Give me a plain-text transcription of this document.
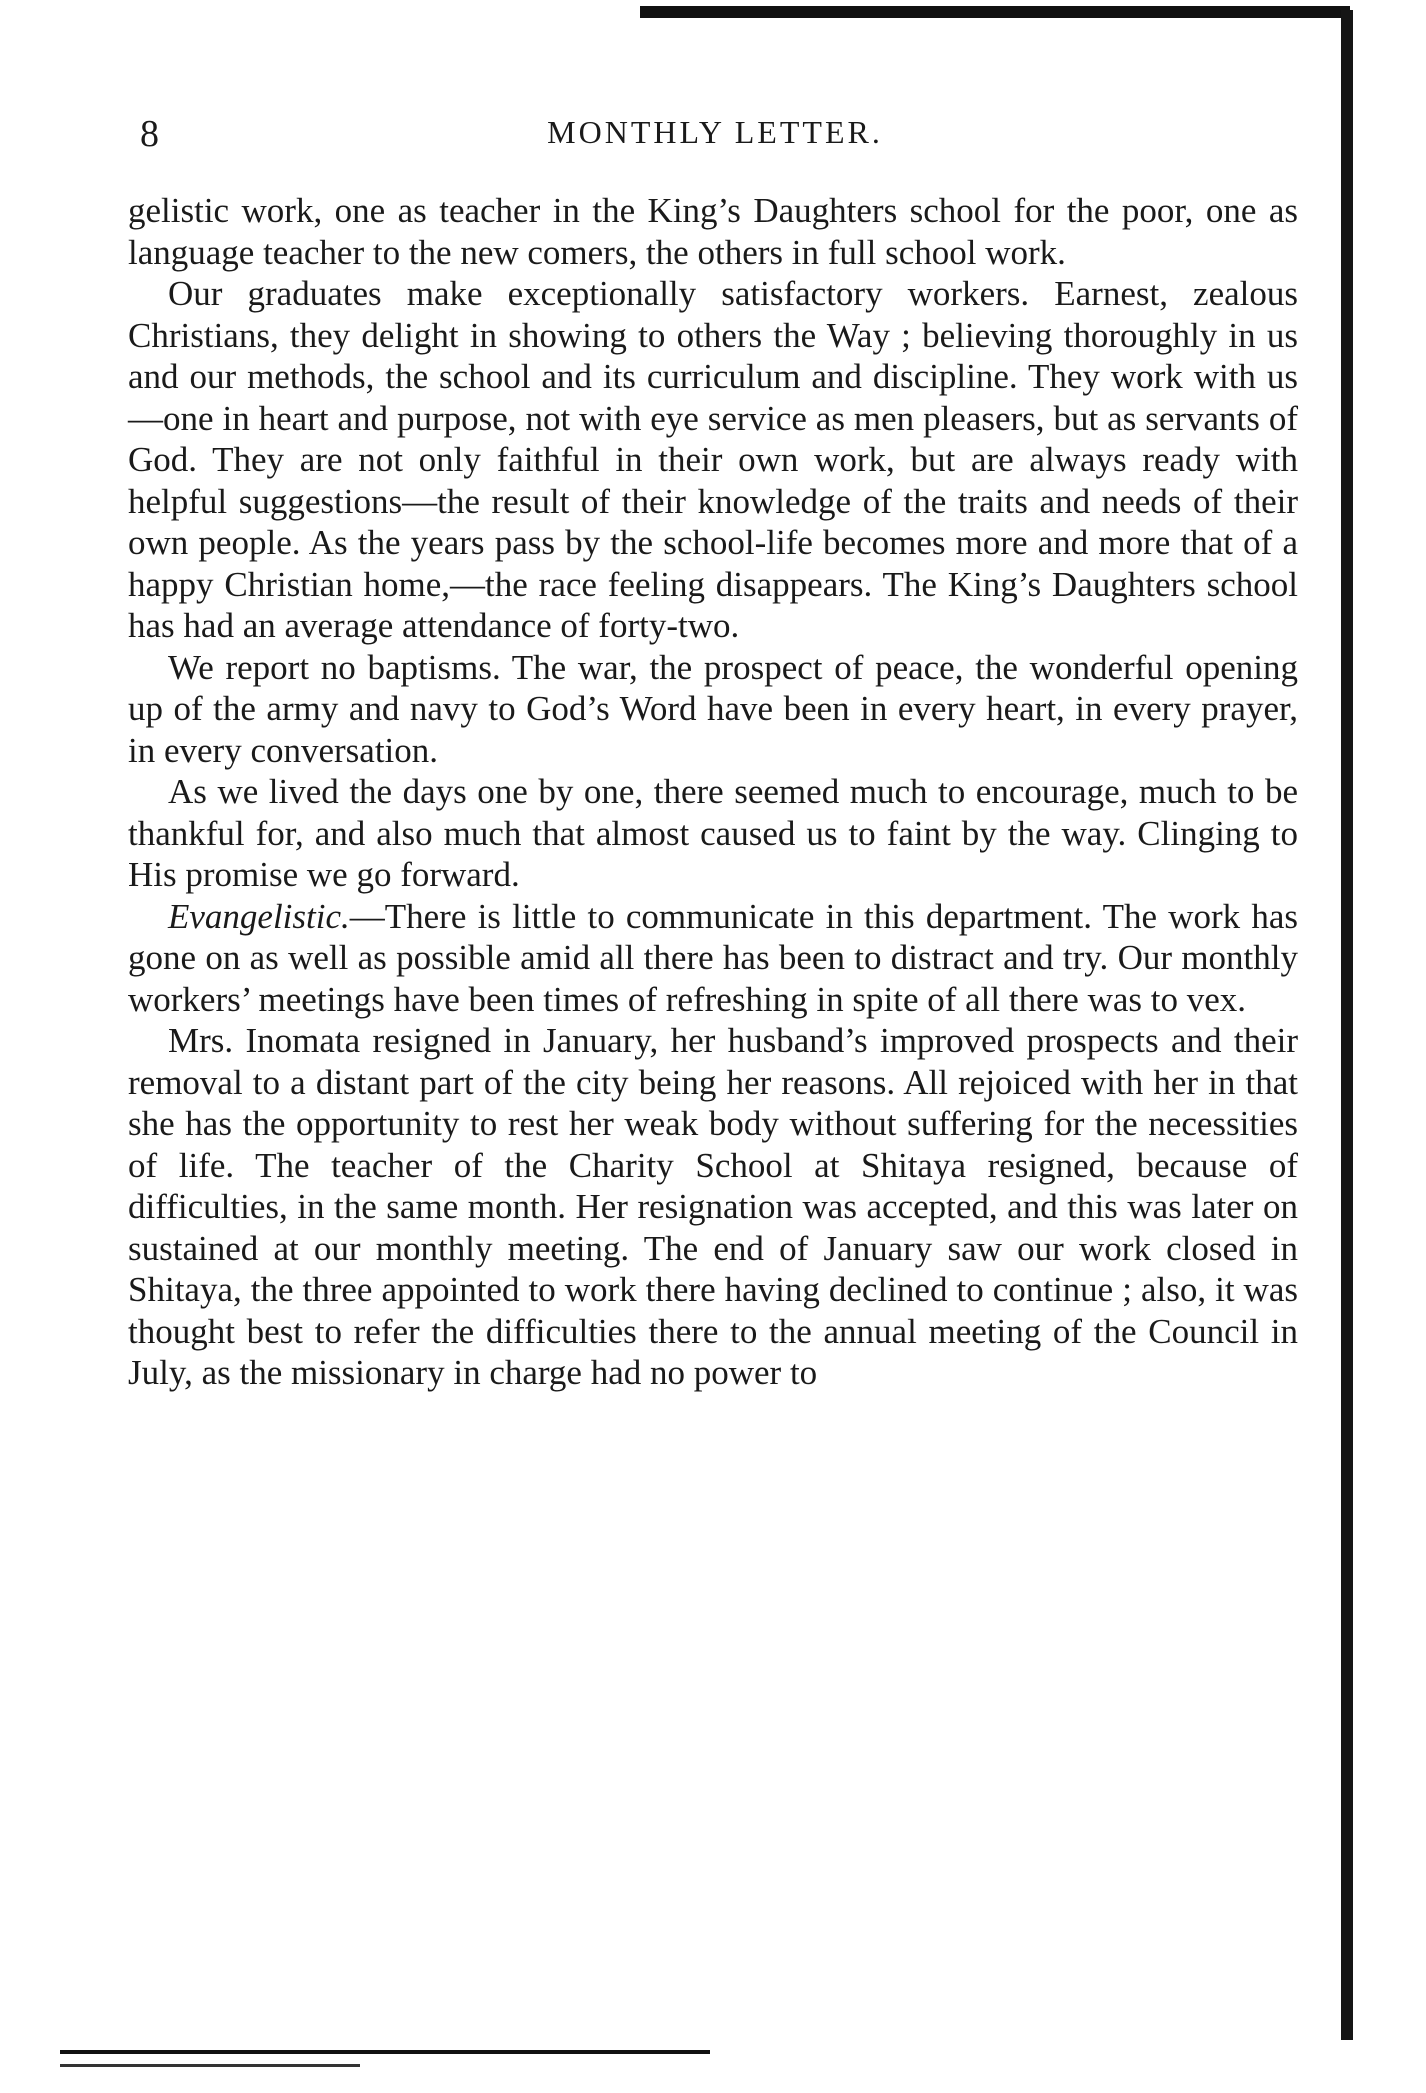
8	MONTHLY LETTER.

gelistic work, one as teacher in the King’s Daughters school for the poor, one as language teacher to the new comers, the others in full school work.

Our graduates make exceptionally satisfactory workers. Earnest, zealous Christians, they delight in showing to others the Way ; believing thoroughly in us and our methods, the school and its curriculum and discipline. They work with us—one in heart and purpose, not with eye service as men pleasers, but as servants of God. They are not only faithful in their own work, but are always ready with helpful suggestions—the result of their knowledge of the traits and needs of their own people. As the years pass by the school-life becomes more and more that of a happy Christian home,—the race feeling disappears. The King’s Daughters school has had an average attendance of forty-two.

We report no baptisms. The war, the prospect of peace, the wonderful opening up of the army and navy to God’s Word have been in every heart, in every prayer, in every conversation.

As we lived the days one by one, there seemed much to encourage, much to be thankful for, and also much that almost caused us to faint by the way. Clinging to His promise we go forward.

Evangelistic.—There is little to communicate in this department. The work has gone on as well as possible amid all there has been to distract and try. Our monthly workers’ meetings have been times of refreshing in spite of all there was to vex.

Mrs. Inomata resigned in January, her husband’s improved prospects and their removal to a distant part of the city being her reasons. All rejoiced with her in that she has the opportunity to rest her weak body without suffering for the necessities of life. The teacher of the Charity School at Shitaya resigned, because of difficulties, in the same month. Her resignation was accepted, and this was later on sustained at our monthly meeting. The end of January saw our work closed in Shitaya, the three appointed to work there having declined to continue ; also, it was thought best to refer the difficulties there to the annual meeting of the Council in July, as the missionary in charge had no power to
